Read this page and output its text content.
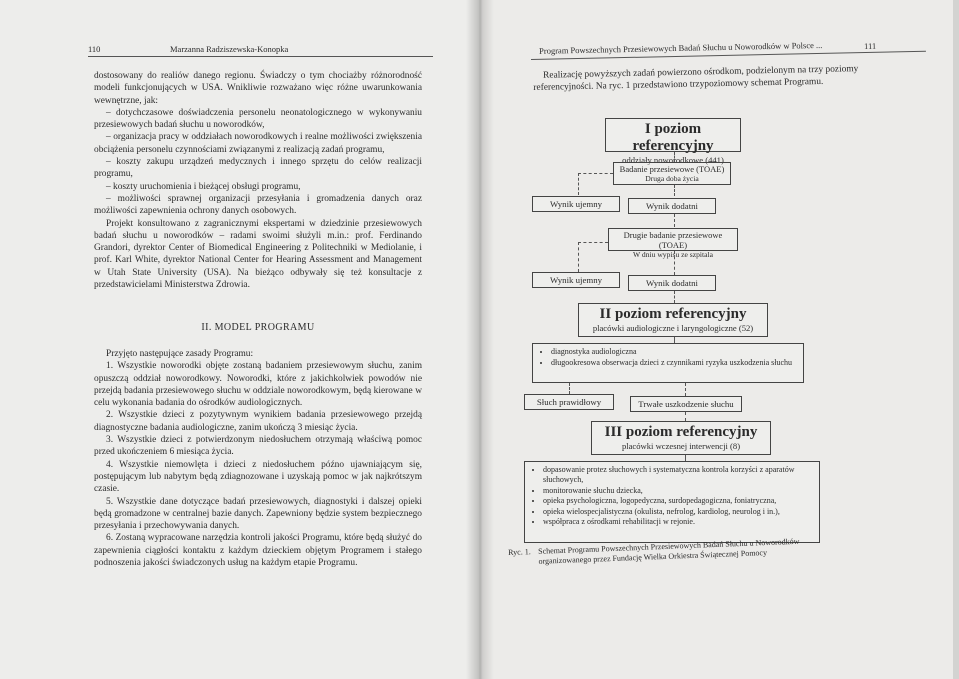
110	Marzanna Radziszewska-Konopka

dostosowany do realiów danego regionu. Świadczy o tym chociażby różnorodność modeli funkcjonujących w USA. Wnikliwie rozważano więc różne uwarunkowania wewnętrzne, jak:

– dotychczasowe doświadczenia personelu neonatologicznego w wykonywaniu przesiewowych badań słuchu u noworodków,

– organizacja pracy w oddziałach noworodkowych i realne możliwości zwiększenia obciążenia personelu czynnościami związanymi z realizacją zadań programu,

– koszty zakupu urządzeń medycznych i innego sprzętu do celów realizacji programu,

– koszty uruchomienia i bieżącej obsługi programu,

– możliwości sprawnej organizacji przesyłania i gromadzenia danych oraz możliwości zapewnienia ochrony danych osobowych.

Projekt konsultowano z zagranicznymi ekspertami w dziedzinie przesiewowych badań słuchu u noworodków – radami swoimi służyli m.in.: prof. Ferdinando Grandori, dyrektor Center of Biomedical Engineering z Politechniki w Mediolanie, i prof. Karl White, dyrektor National Center for Hearing Assessment and Management w Utah State University (USA). Na bieżąco odbywały się też konsultacje z przedstawicielami Ministerstwa Zdrowia.

II. MODEL PROGRAMU

Przyjęto następujące zasady Programu:

1. Wszystkie noworodki objęte zostaną badaniem przesiewowym słuchu, zanim opuszczą oddział noworodkowy. Noworodki, które z jakichkolwiek powodów nie przejdą badania przesiewowego słuchu w oddziale noworodkowym, będą kierowane w celu wykonania badania do ośrodków audiologicznych.

2. Wszystkie dzieci z pozytywnym wynikiem badania przesiewowego przejdą diagnostyczne badania audiologiczne, zanim ukończą 3 miesiąc życia.

3. Wszystkie dzieci z potwierdzonym niedosłuchem otrzymają właściwą pomoc przed ukończeniem 6 miesiąca życia.

4. Wszystkie niemowlęta i dzieci z niedosłuchem późno ujawniającym się, postępującym lub nabytym będą zdiagnozowane i uzyskają pomoc w jak najkrótszym czasie.

5. Wszystkie dane dotyczące badań przesiewowych, diagnostyki i dalszej opieki będą gromadzone w centralnej bazie danych. Zapewniony będzie system bezpiecznego przesyłania i przechowywania danych.

6. Zostaną wypracowane narzędzia kontroli jakości Programu, które będą służyć do zapewnienia ciągłości kontaktu z każdym dzieckiem objętym Programem i stałego podnoszenia jakości świadczonych usług na każdym etapie Programu.

Program Powszechnych Przesiewowych Badań Słuchu u Noworodków w Polsce ...	111

Realizację powyższych zadań powierzono ośrodkom, podzielonym na trzy poziomy referencyjności. Na ryc. 1 przedstawiono trzypoziomowy schemat Programu.

I poziom referencyjny
oddziały noworodkowe (441)
Badanie przesiewowe (TOAE)
Druga doba życia
Wynik ujemny	Wynik dodatni
Drugie badanie przesiewowe (TOAE)
W dniu wypisu ze szpitala
Wynik ujemny	Wynik dodatni
II poziom referencyjny
placówki audiologiczne i laryngologiczne (52)
• diagnostyka audiologiczna
• długookresowa obserwacja dzieci z czynnikami ryzyka uszkodzenia słuchu
Słuch prawidłowy	Trwałe uszkodzenie słuchu
III poziom referencyjny
placówki wczesnej interwencji (8)
• dopasowanie protez słuchowych i systematyczna kontrola korzyści z aparatów słuchowych,
• monitorowanie słuchu dziecka,
• opieka psychologiczna, logopedyczna, surdopedagogiczna, foniatryczna,
• opieka wielospecjalistyczna (okulista, nefrolog, kardiolog, neurolog i in.),
• współpraca z ośrodkami rehabilitacji w rejonie.
Ryc. 1. Schemat Programu Powszechnych Przesiewowych Badań Słuchu u Noworodków organizowanego przez Fundację Wielka Orkiestra Świątecznej Pomocy
